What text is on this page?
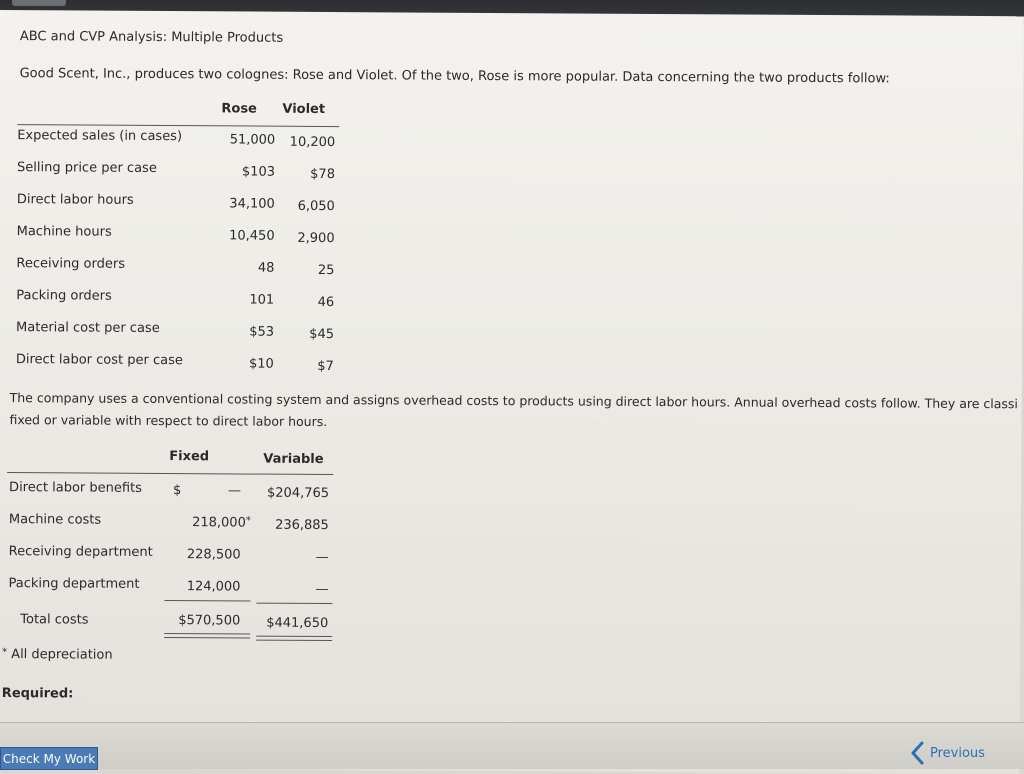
ABC and CVP Analysis: Multiple Products
Good Scent, Inc., produces two colognes: Rose and Violet. Of the two, Rose is more popular. Data concerning the two products follow:
Rose Violet
Expected sales (in cases)	51,000	10,200
Selling price per case	$103	$78
Direct labor hours	34,100	6,050
Machine hours	10,450	2,900
Receiving orders	48	25
Packing orders	101	46
Material cost per case	$53	$45
Direct labor cost per case	$10	$7
The company uses a conventional costing system and assigns overhead costs to products using direct labor hours. Annual overhead costs follow. They are classi
fixed or variable with respect to direct labor hours.
Fixed	Variable
Direct labor benefits $	—	$204,765
Machine costs	218,000*	236,885
Receiving department	228,500	—
Packing department	124,000	—
Total costs	$570,500	$441,650
* All depreciation
Required:
Check My Work	Previous
